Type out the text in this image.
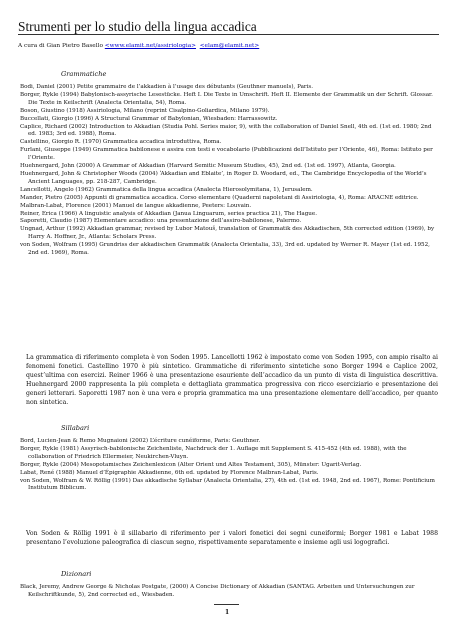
Strumenti per lo studio della lingua accadica
A cura di Gian Pietro Basello <www.elamit.net/assiriologia> <elam@elamit.net>
Grammatiche

Bodi, Daniel (2001) Petite grammaire de l’akkadien à l’usage des débutants (Geuthner manuels), Paris.

Borger, Rykle (1994) Babylonisch-assyrische Lesestücke. Heft I. Die Texte in Umschrift. Heft II. Elemente der Grammatik un der Schrift. Glossar. Die Texte in Keilschrift (Analecta Orientalia, 54), Roma.

Boson, Giustino (1918) Assiriologia, Milano (reprint Cisalpino-Goliardica, Milano 1979).

Buccellati, Giorgio (1996) A Structural Grammar of Babylonian, Wiesbaden: Harrassowitz.

Caplice, Richard (2002) Introduction to Akkadian (Studia Pohl. Series maior, 9), with the collaboration of Daniel Snell, 4th ed. (1st ed. 1980; 2nd ed. 1983; 3rd ed. 1988), Roma.

Castellino, Giorgio R. (1970) Grammatica accadica introduttiva, Roma.

Furlani, Giuseppe (1949) Grammatica babilonese e assira con testi e vocabolario (Pubblicazioni dell’Istituto per l’Oriente, 46), Roma: Istituto per l’Oriente.

Huehnergard, John (2000) A Grammar of Akkadian (Harvard Semitic Museum Studies, 45), 2nd ed. (1st ed. 1997), Atlanta, Georgia.

Huehnergard, John & Christopher Woods (2004) ‘Akkadian and Eblaite’, in Roger D. Woodard, ed., The Cambridge Encyclopedia of the World’s Ancient Languages, pp. 218-287, Cambridge.

Lancellotti, Angelo (1962) Grammatica della lingua accadica (Analecta Hierosolymitana, 1), Jerusalem.

Mander, Pietro (2005) Appunti di grammatica accadica. Corso elementare (Quaderni napoletani di Assiriologia, 4), Roma: ARACNE editrice.

Malbran-Labat, Florence (2001) Manuel de langue akkadienne, Peeters: Louvain.

Reiner, Erica (1966) A linguistic analysis of Akkadian (Janua Linguarum, series practica 21), The Hague.

Saporetti, Claudio (1987) Elementare accadico: una presentazione dell’assiro-babilonese, Palermo.

Ungnad, Arthur (1992) Akkadian grammar, revised by Lubor Matouš, translation of Grammatik des Akkadischen, 5th corrected edition (1969), by Harry A. Hoffner, Jr., Atlanta: Scholars Press.

von Soden, Wolfram (1995) Grundriss der akkadischen Grammatik (Analecta Orientalia, 33), 3rd ed. updated by Werner R. Mayer (1st ed. 1952, 2nd ed. 1969), Roma.

La grammatica di riferimento completa è von Soden 1995. Lancellotti 1962 è impostato come von Soden 1995, con ampio risalto ai fenomeni fonetici. Castellino 1970 è più sintetico. Grammatiche di riferimento sintetiche sono Borger 1994 e Caplice 2002, quest’ultima con esercizi. Reiner 1966 è una presentazione esauriente dell’accadico da un punto di vista di linguistica descrittiva. Huehnergard 2000 rappresenta la più completa e dettagliata grammatica progressiva con ricco eserciziario e presentazione dei generi letterari. Saporetti 1987 non è una vera e propria grammatica ma una presentazione elementare dell’accadico, per quanto non sintetica.

Sillabari

Bord, Lucien-Jean & Remo Mugnaioni (2002) L’écriture cunéiforme, Paris: Geuthner.

Borger, Rykle (1981) Assyrisch-babilonische Zeichenliste, Nachdruck der 1. Auflage mit Supplement S. 415-452 (4th ed. 1988), with the collaboration of Friedrich Ellermeier, Neukirchen-Vluyn.

Borger, Rykle (2004) Mesopotamisches Zeichenlexicon (Alter Orient und Altes Testament, 305), Münster: Ugarit-Verlag.

Labat, René (1988) Manuel d’Épigraphie Akkadienne, 6th ed. updated by Florence Malbran-Labat, Paris.

von Soden, Wolfram & W. Röllig (1991) Das akkadische Syllabar (Analecta Orientalia, 27), 4th ed. (1st ed. 1948, 2nd ed. 1967), Rome: Pontificium Institutum Biblicum.

Von Soden & Röllig 1991 è il sillabario di riferimento per i valori fonetici dei segni cuneiformi; Borger 1981 e Labat 1988 presentano l’evoluzione paleografica di ciascun segno, rispettivamente separatamente e insieme agli usi logografici.

Dizionari

Black, Jeremy, Andrew George & Nicholas Postgate, (2000) A Concise Dictionary of Akkadian (SANTAG. Arbeiten und Untersuchungen zur Keilschriftkunde, 5), 2nd corrected ed., Wiesbaden.

1
